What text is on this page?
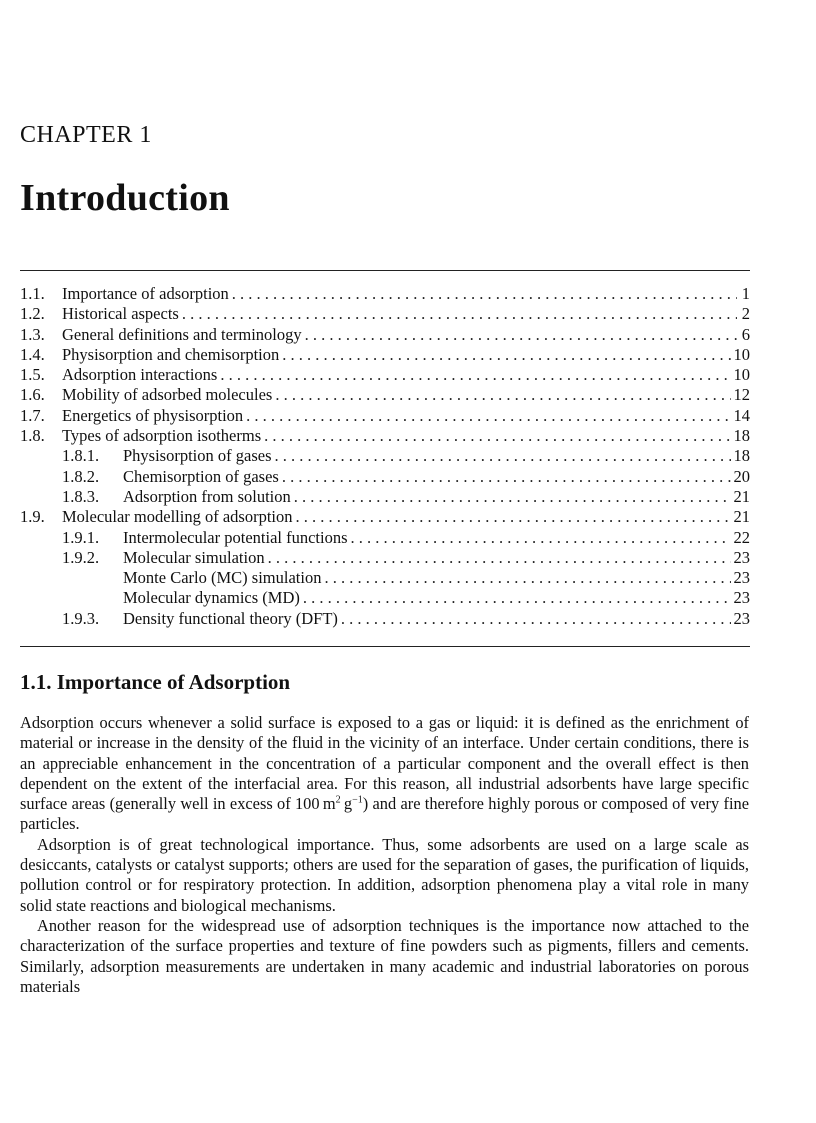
CHAPTER 1
Introduction
1.1.	Importance of adsorption . . .	1
1.2.	Historical aspects . . .	2
1.3.	General definitions and terminology . . .	6
1.4.	Physisorption and chemisorption . . .	10
1.5.	Adsorption interactions . . .	10
1.6.	Mobility of adsorbed molecules . . .	12
1.7.	Energetics of physisorption . . .	14
1.8.	Types of adsorption isotherms . . .	18
1.8.1.	Physisorption of gases . . .	18
1.8.2.	Chemisorption of gases . . .	20
1.8.3.	Adsorption from solution . . .	21
1.9.	Molecular modelling of adsorption . . .	21
1.9.1.	Intermolecular potential functions . . .	22
1.9.2.	Molecular simulation . . .	23
Monte Carlo (MC) simulation . . .	23
Molecular dynamics (MD) . . .	23
1.9.3.	Density functional theory (DFT) . . .	23
1.1. Importance of Adsorption

Adsorption occurs whenever a solid surface is exposed to a gas or liquid: it is defined as the enrichment of material or increase in the density of the fluid in the vicinity of an interface. Under certain conditions, there is an appreciable enhancement in the concentration of a particular component and the overall effect is then dependent on the extent of the interfacial area. For this reason, all industrial adsorbents have large specific surface areas (generally well in excess of 100 $m^2$ $g^{-1}$) and are therefore highly porous or composed of very fine particles.

Adsorption is of great technological importance. Thus, some adsorbents are used on a large scale as desiccants, catalysts or catalyst supports; others are used for the separation of gases, the purification of liquids, pollution control or for respiratory protection. In addition, adsorption phenomena play a vital role in many solid state reactions and biological mechanisms.

Another reason for the widespread use of adsorption techniques is the importance now attached to the characterization of the surface properties and texture of fine powders such as pigments, fillers and cements. Similarly, adsorption measurements are undertaken in many academic and industrial laboratories on porous materials
